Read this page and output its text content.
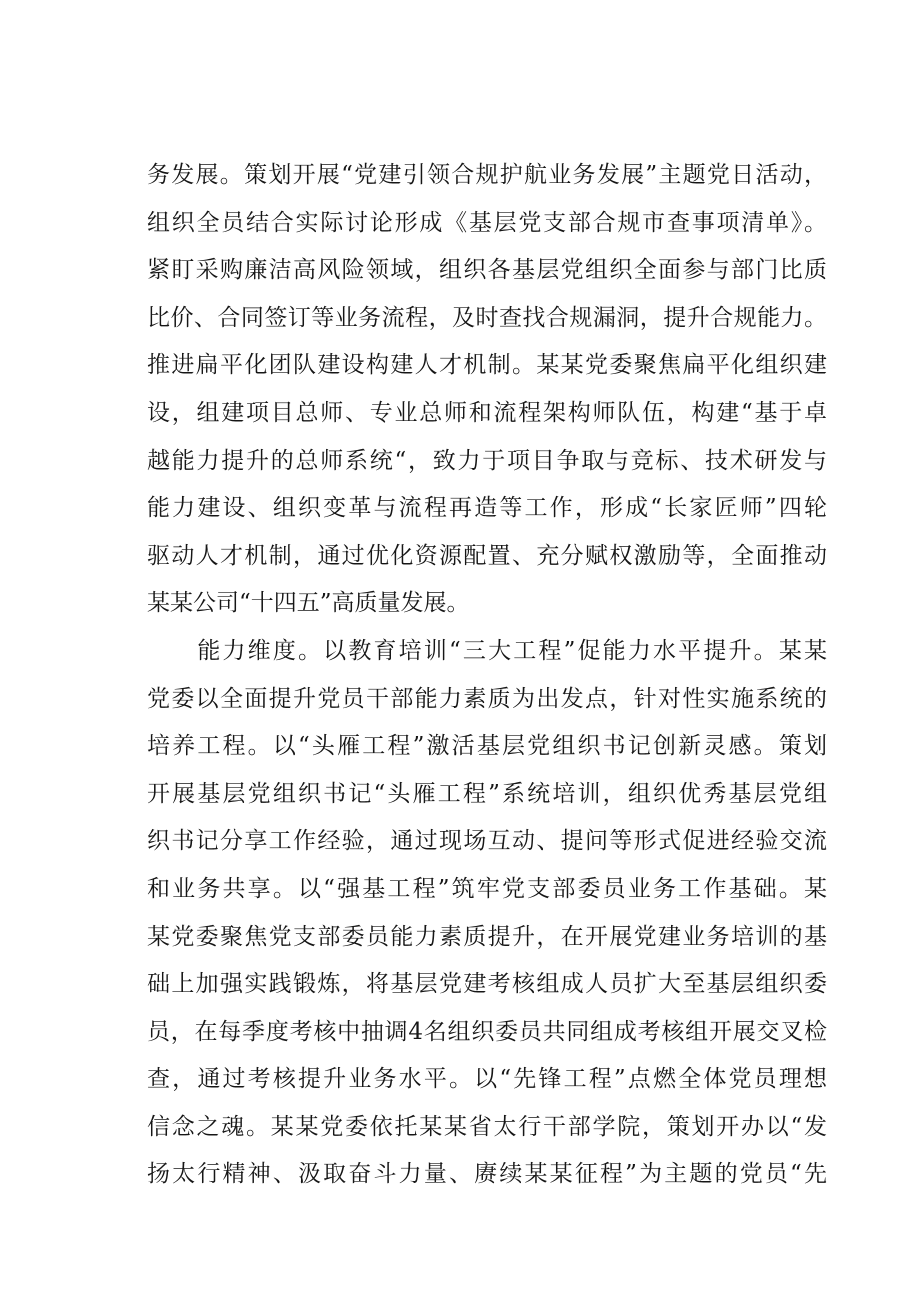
务发展。策划开展“党建引领合规护航业务发展”主题党日活动，
组织全员结合实际讨论形成《基层党支部合规市查事项清单》。
紧盯采购廉洁高风险领域，组织各基层党组织全面参与部门比质
比价、合同签订等业务流程，及时查找合规漏洞，提升合规能力。
推进扁平化团队建设构建人才机制。某某党委聚焦扁平化组织建
设，组建项目总师、专业总师和流程架构师队伍，构建“基于卓
越能力提升的总师系统“，致力于项目争取与竞标、技术研发与
能力建设、组织变革与流程再造等工作，形成“长家匠师”四轮
驱动人才机制，通过优化资源配置、充分赋权激励等，全面推动
某某公司“十四五”高质量发展。
　　能力维度。以教育培训“三大工程”促能力水平提升。某某
党委以全面提升党员干部能力素质为出发点，针对性实施系统的
培养工程。以“头雁工程”激活基层党组织书记创新灵感。策划
开展基层党组织书记“头雁工程”系统培训，组织优秀基层党组
织书记分享工作经验，通过现场互动、提问等形式促进经验交流
和业务共享。以“强基工程”筑牢党支部委员业务工作基础。某
某党委聚焦党支部委员能力素质提升，在开展党建业务培训的基
础上加强实践锻炼，将基层党建考核组成人员扩大至基层组织委
员，在每季度考核中抽调4名组织委员共同组成考核组开展交叉检
查，通过考核提升业务水平。以“先锋工程”点燃全体党员理想
信念之魂。某某党委依托某某省太行干部学院，策划开办以“发
扬太行精神、汲取奋斗力量、赓续某某征程”为主题的党员“先
